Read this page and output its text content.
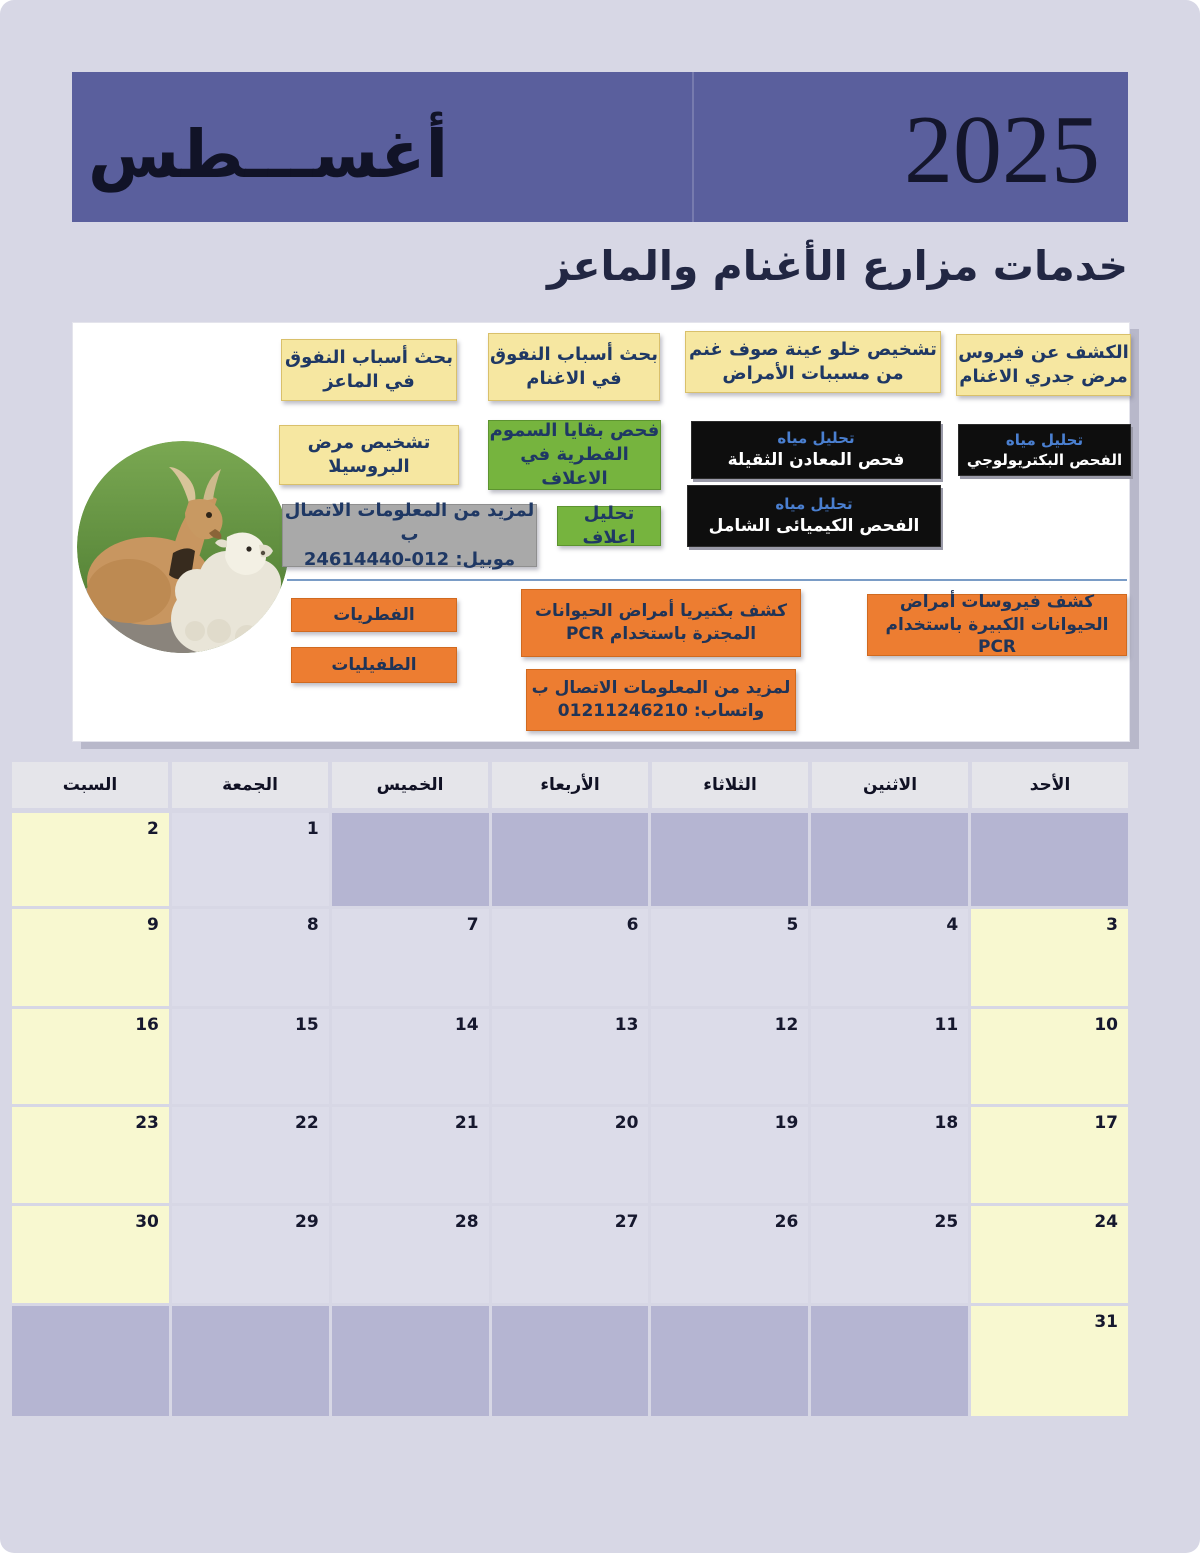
أغســـطس	2025
خدمات مزارع الأغنام والماعز
بحث أسباب النفوق
في الماعز
بحث أسباب النفوق
في الاغنام
تشخيص خلو عينة صوف غنم
من مسببات الأمراض
الكشف عن فيروس
مرض جدري الاغنام
تشخيص مرض
البروسيلا
فحص بقايا السموم
الفطرية في الاعلاف
تحليل مياه
فحص المعادن الثقيلة
تحليل مياه
الفحص البكتريولوجي
تحليل مياه
الفحص الكيميائى الشامل
لمزيد من المعلومات الاتصال ب
موبيل: 012-24614440
تحليل اعلاف
الفطريات
الطفيليات
كشف بكتيريا أمراض الحيوانات
المجترة باستخدام PCR
كشف فيروسات أمراض
الحيوانات الكبيرة باستخدام PCR
لمزيد من المعلومات الاتصال ب
واتساب: 01211246210
الأحد
الاثنين
الثلاثاء
الأربعاء
الخميس
الجمعة
السبت
1
2
3
4
5
6
7
8
9
10
11
12
13
14
15
16
17
18
19
20
21
22
23
24
25
26
27
28
29
30
31
